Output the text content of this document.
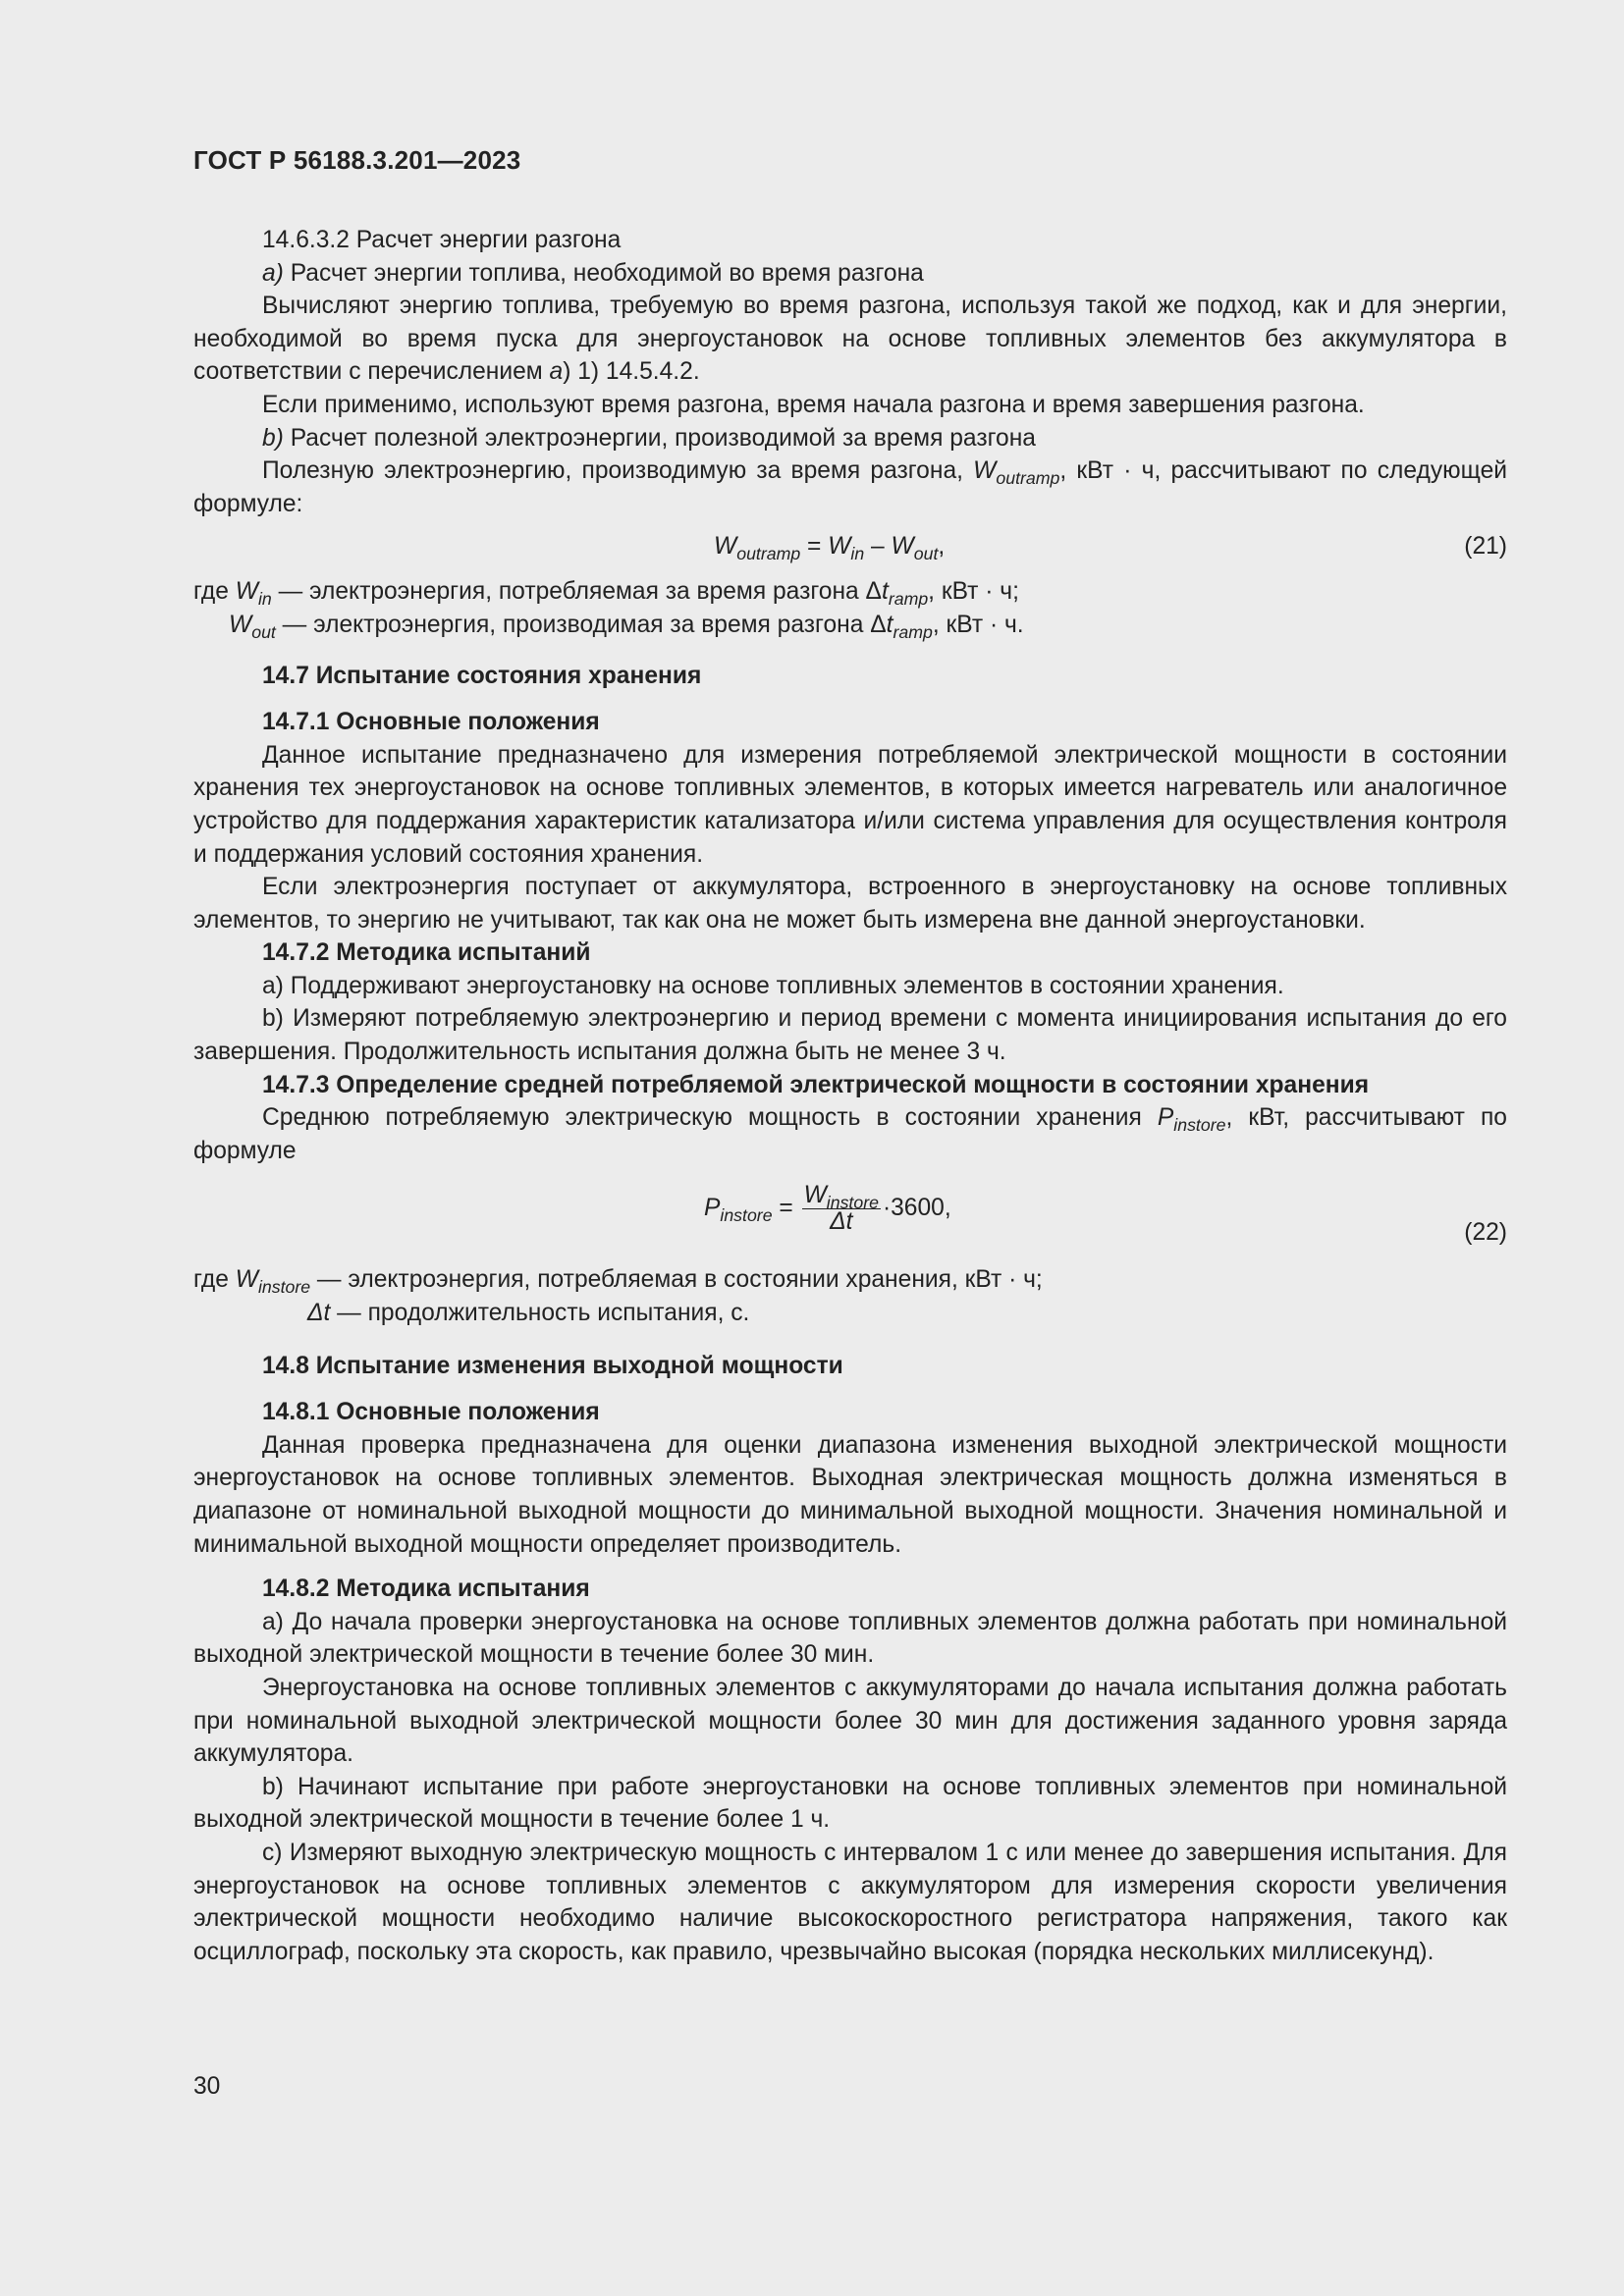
ГОСТ Р 56188.3.201—2023

14.6.3.2 Расчет энергии разгона

а) Расчет энергии топлива, необходимой во время разгона

Вычисляют энергию топлива, требуемую во время разгона, используя такой же подход, как и для энергии, необходимой во время пуска для энергоустановок на основе топливных элементов без аккумулятора в соответствии с перечислением а) 1) 14.5.4.2.

Если применимо, используют время разгона, время начала разгона и время завершения разгона.

b) Расчет полезной электроэнергии, производимой за время разгона

Полезную электроэнергию, производимую за время разгона, $W_{outramp}$, кВт · ч, рассчитывают по следующей формуле:

$W_{outramp} = W_{in} - W_{out}$,	(21)

где $W_{in}$ — электроэнергия, потребляемая за время разгона $\Delta t_{ramp}$, кВт · ч;

$W_{out}$ — электроэнергия, производимая за время разгона $\Delta t_{ramp}$, кВт · ч.

14.7 Испытание состояния хранения

14.7.1 Основные положения

Данное испытание предназначено для измерения потребляемой электрической мощности в состоянии хранения тех энергоустановок на основе топливных элементов, в которых имеется нагреватель или аналогичное устройство для поддержания характеристик катализатора и/или система управления для осуществления контроля и поддержания условий состояния хранения.

Если электроэнергия поступает от аккумулятора, встроенного в энергоустановку на основе топливных элементов, то энергию не учитывают, так как она не может быть измерена вне данной энергоустановки.

14.7.2 Методика испытаний

а) Поддерживают энергоустановку на основе топливных элементов в состоянии хранения.

b) Измеряют потребляемую электроэнергию и период времени с момента инициирования испытания до его завершения. Продолжительность испытания должна быть не менее 3 ч.

14.7.3 Определение средней потребляемой электрической мощности в состоянии хранения

Среднюю потребляемую электрическую мощность в состоянии хранения $P_{instore}$, кВт, рассчитывают по формуле

$P_{instore} = \frac{W_{instore}}{\Delta t} \cdot 3600$,
(22)

где $W_{instore}$ — электроэнергия, потребляемая в состоянии хранения, кВт · ч;

Δt — продолжительность испытания, с.

14.8 Испытание изменения выходной мощности

14.8.1 Основные положения

Данная проверка предназначена для оценки диапазона изменения выходной электрической мощности энергоустановок на основе топливных элементов. Выходная электрическая мощность должна изменяться в диапазоне от номинальной выходной мощности до минимальной выходной мощности. Значения номинальной и минимальной выходной мощности определяет производитель.

14.8.2 Методика испытания

а) До начала проверки энергоустановка на основе топливных элементов должна работать при номинальной выходной электрической мощности в течение более 30 мин.

Энергоустановка на основе топливных элементов с аккумуляторами до начала испытания должна работать при номинальной выходной электрической мощности более 30 мин для достижения заданного уровня заряда аккумулятора.

b) Начинают испытание при работе энергоустановки на основе топливных элементов при номинальной выходной электрической мощности в течение более 1 ч.

с) Измеряют выходную электрическую мощность с интервалом 1 с или менее до завершения испытания. Для энергоустановок на основе топливных элементов с аккумулятором для измерения скорости увеличения электрической мощности необходимо наличие высокоскоростного регистратора напряжения, такого как осциллограф, поскольку эта скорость, как правило, чрезвычайно высокая (порядка нескольких миллисекунд).

30
